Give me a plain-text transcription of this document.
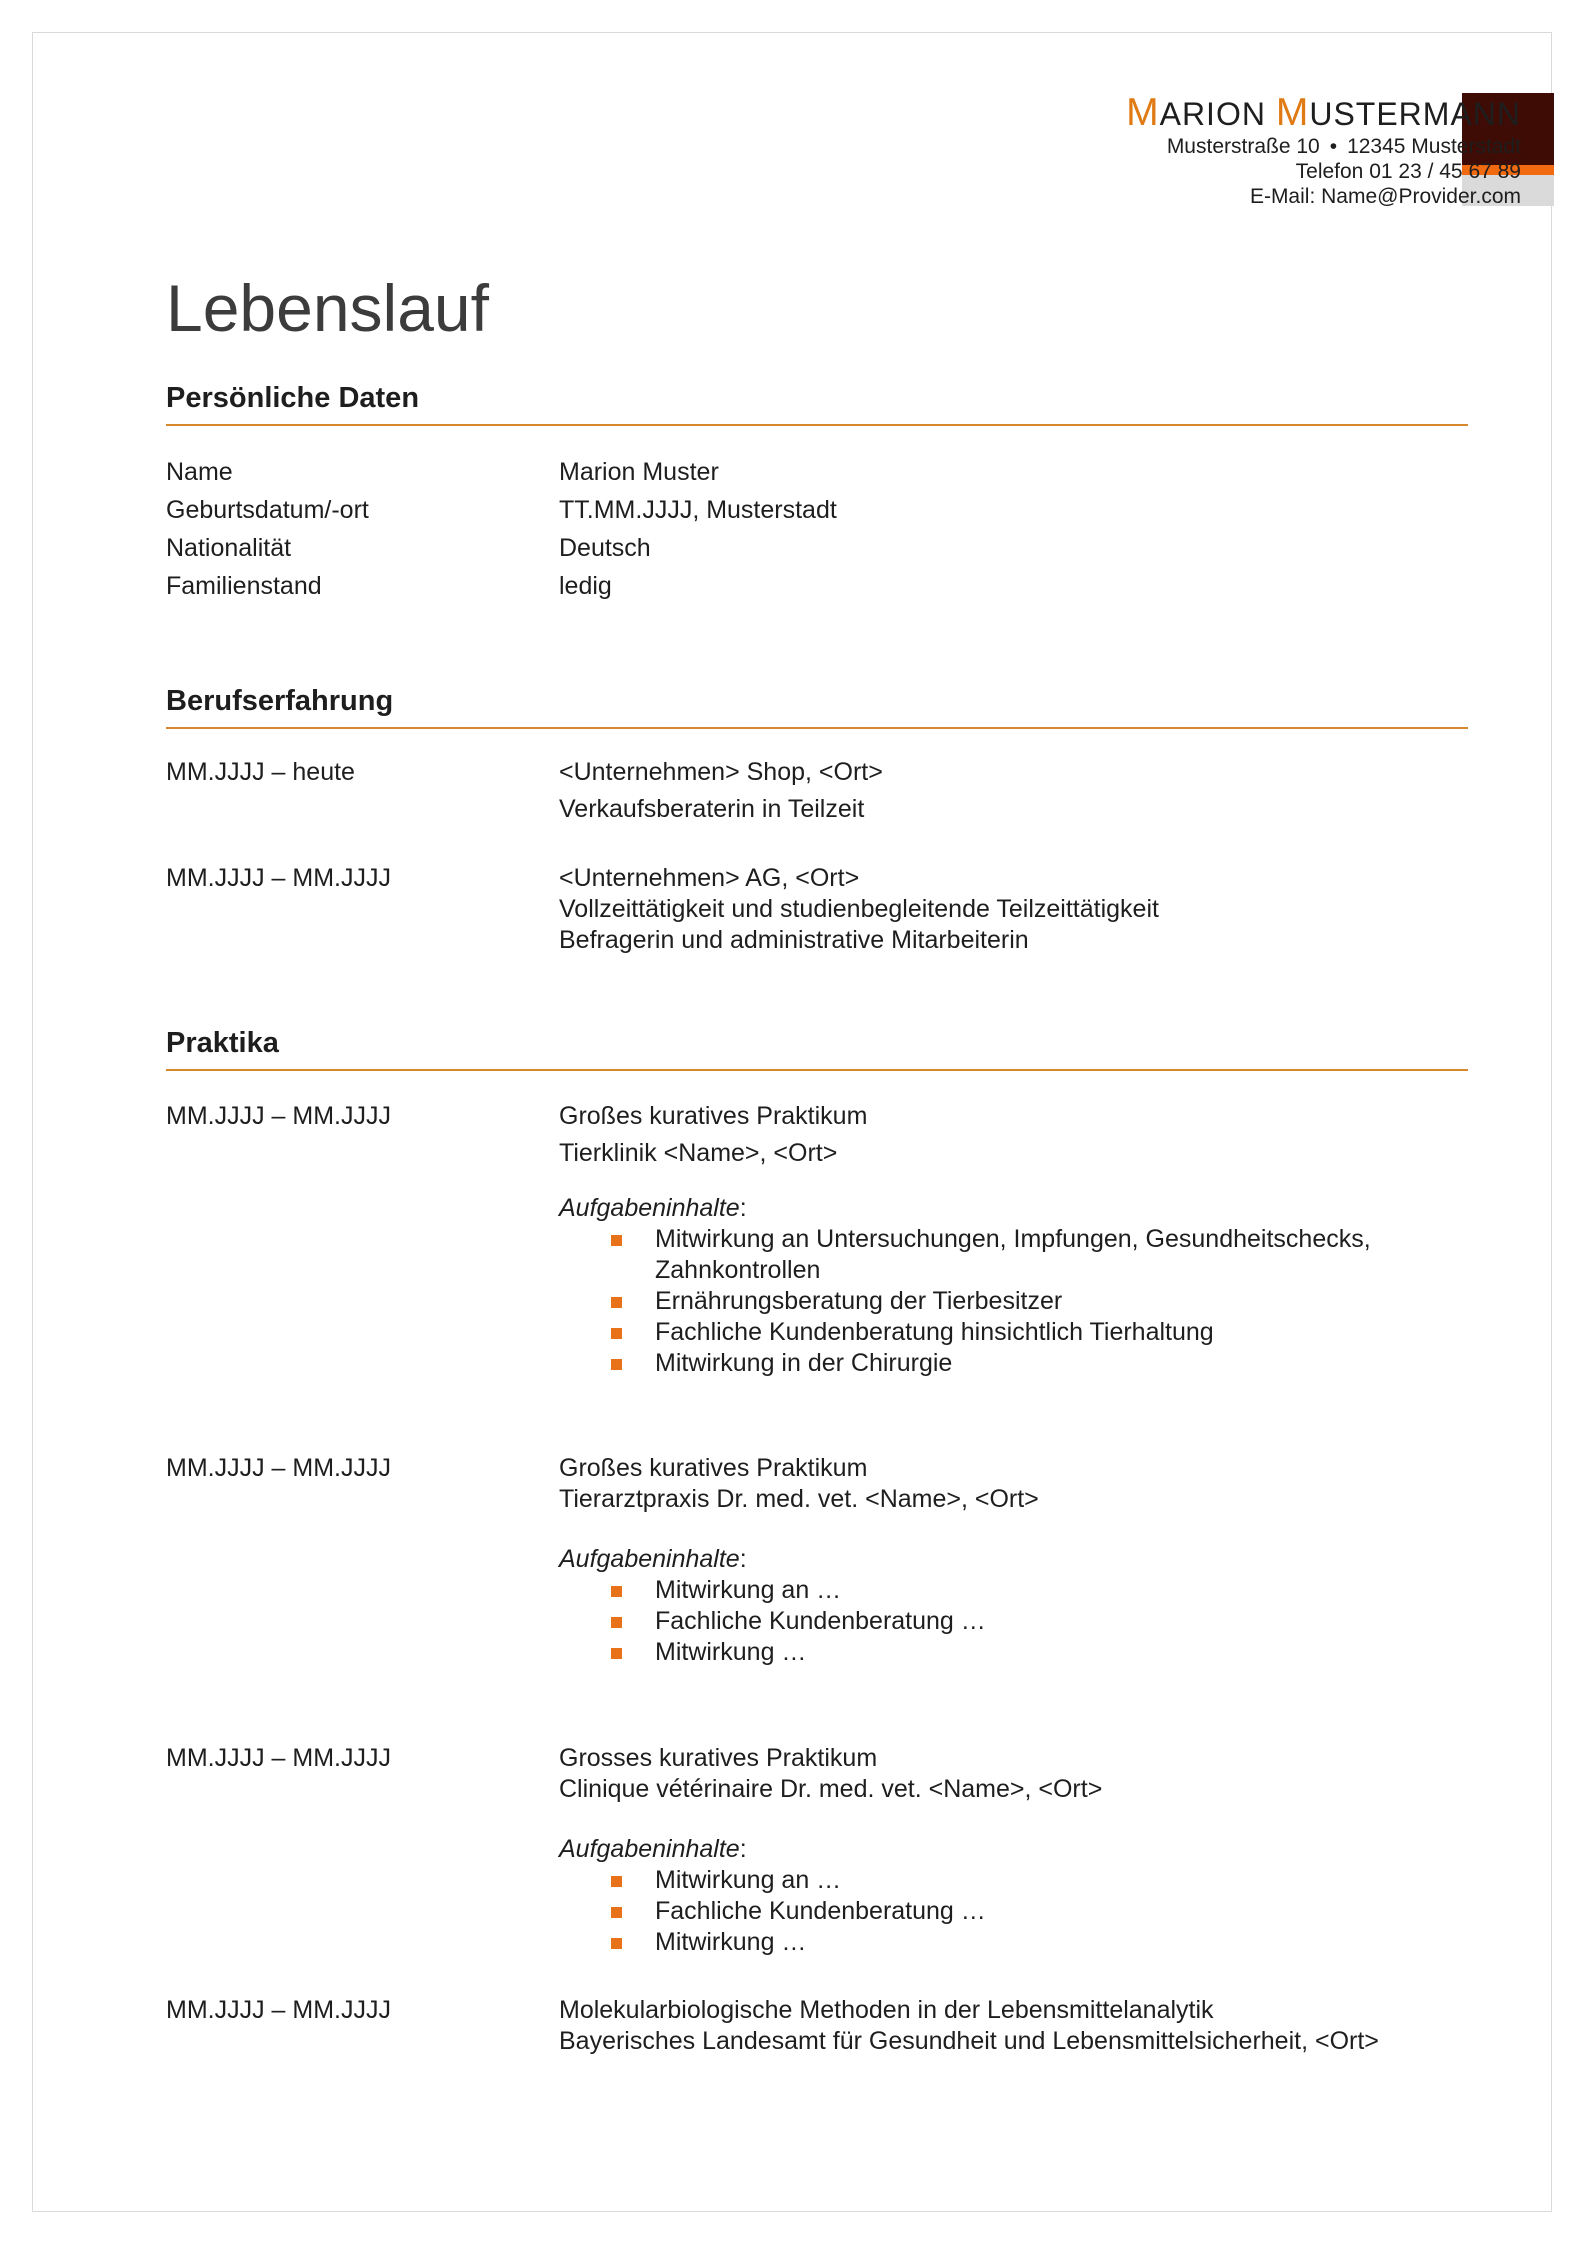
MARION MUSTERMANN
Musterstraße 10 • 12345 Musterstadt
Telefon 01 23 / 45 67 89
E-Mail: Name@Provider.com
Lebenslauf
Persönliche Daten
Name	Marion Muster
Geburtsdatum/-ort	TT.MM.JJJJ, Musterstadt
Nationalität	Deutsch
Familienstand	ledig
Berufserfahrung
MM.JJJJ – heute	<Unternehmen> Shop, <Ort>
Verkaufsberaterin in Teilzeit
MM.JJJJ – MM.JJJJ	<Unternehmen> AG, <Ort>
Vollzeittätigkeit und studienbegleitende Teilzeittätigkeit
Befragerin und administrative Mitarbeiterin
Praktika
MM.JJJJ – MM.JJJJ	Großes kuratives Praktikum
Tierklinik <Name>, <Ort>
Aufgabeninhalte:
Mitwirkung an Untersuchungen, Impfungen, Gesundheitschecks, Zahnkontrollen
Ernährungsberatung der Tierbesitzer
Fachliche Kundenberatung hinsichtlich Tierhaltung
Mitwirkung in der Chirurgie
MM.JJJJ – MM.JJJJ	Großes kuratives Praktikum
Tierarztpraxis Dr. med. vet. <Name>, <Ort>
Aufgabeninhalte:
Mitwirkung an …
Fachliche Kundenberatung …
Mitwirkung …
MM.JJJJ – MM.JJJJ	Grosses kuratives Praktikum
Clinique vétérinaire Dr. med. vet. <Name>, <Ort>
Aufgabeninhalte:
Mitwirkung an …
Fachliche Kundenberatung …
Mitwirkung …
MM.JJJJ – MM.JJJJ	Molekularbiologische Methoden in der Lebensmittelanalytik
Bayerisches Landesamt für Gesundheit und Lebensmittelsicherheit, <Ort>
